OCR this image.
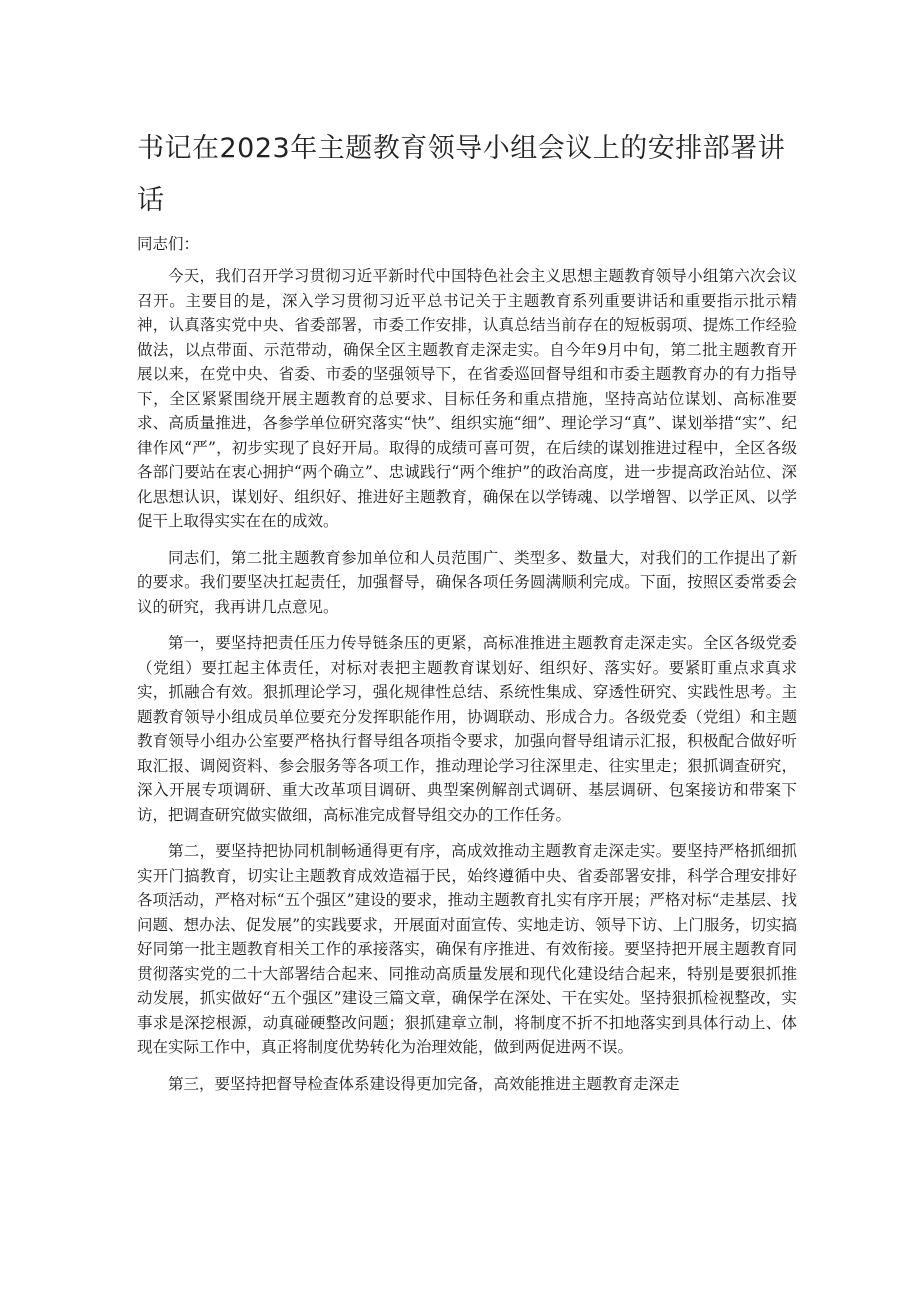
书记在2023年主题教育领导小组会议上的安排部署讲话

同志们：

今天，我们召开学习贯彻习近平新时代中国特色社会主义思想主题教育领导小组第六次会议召开。主要目的是，深入学习贯彻习近平总书记关于主题教育系列重要讲话和重要指示批示精神，认真落实党中央、省委部署，市委工作安排，认真总结当前存在的短板弱项、提炼工作经验做法，以点带面、示范带动，确保全区主题教育走深走实。自今年9月中旬，第二批主题教育开展以来，在党中央、省委、市委的坚强领导下，在省委巡回督导组和市委主题教育办的有力指导下，全区紧紧围绕开展主题教育的总要求、目标任务和重点措施，坚持高站位谋划、高标准要求、高质量推进，各参学单位研究落实“快”、组织实施“细”、理论学习“真”、谋划举措“实”、纪律作风“严”，初步实现了良好开局。取得的成绩可喜可贺，在后续的谋划推进过程中，全区各级各部门要站在衷心拥护“两个确立”、忠诚践行“两个维护”的政治高度，进一步提高政治站位、深化思想认识，谋划好、组织好、推进好主题教育，确保在以学铸魂、以学增智、以学正风、以学促干上取得实实在在的成效。

同志们，第二批主题教育参加单位和人员范围广、类型多、数量大，对我们的工作提出了新的要求。我们要坚决扛起责任，加强督导，确保各项任务圆满顺利完成。下面，按照区委常委会议的研究，我再讲几点意见。

第一，要坚持把责任压力传导链条压的更紧，高标准推进主题教育走深走实。全区各级党委（党组）要扛起主体责任，对标对表把主题教育谋划好、组织好、落实好。要紧盯重点求真求实，抓融合有效。狠抓理论学习，强化规律性总结、系统性集成、穿透性研究、实践性思考。主题教育领导小组成员单位要充分发挥职能作用，协调联动、形成合力。各级党委（党组）和主题教育领导小组办公室要严格执行督导组各项指令要求，加强向督导组请示汇报，积极配合做好听取汇报、调阅资料、参会服务等各项工作，推动理论学习往深里走、往实里走；狠抓调查研究，深入开展专项调研、重大改革项目调研、典型案例解剖式调研、基层调研、包案接访和带案下访，把调查研究做实做细，高标准完成督导组交办的工作任务。

第二，要坚持把协同机制畅通得更有序，高成效推动主题教育走深走实。要坚持严格抓细抓实开门搞教育，切实让主题教育成效造福于民，始终遵循中央、省委部署安排，科学合理安排好各项活动，严格对标“五个强区”建设的要求，推动主题教育扎实有序开展；严格对标“走基层、找问题、想办法、促发展”的实践要求，开展面对面宣传、实地走访、领导下访、上门服务，切实搞好同第一批主题教育相关工作的承接落实，确保有序推进、有效衔接。要坚持把开展主题教育同贯彻落实党的二十大部署结合起来、同推动高质量发展和现代化建设结合起来，特别是要狠抓推动发展，抓实做好“五个强区”建设三篇文章，确保学在深处、干在实处。坚持狠抓检视整改，实事求是深挖根源，动真碰硬整改问题；狠抓建章立制，将制度不折不扣地落实到具体行动上、体现在实际工作中，真正将制度优势转化为治理效能，做到两促进两不误。

第三，要坚持把督导检查体系建设得更加完备，高效能推进主题教育走深走
